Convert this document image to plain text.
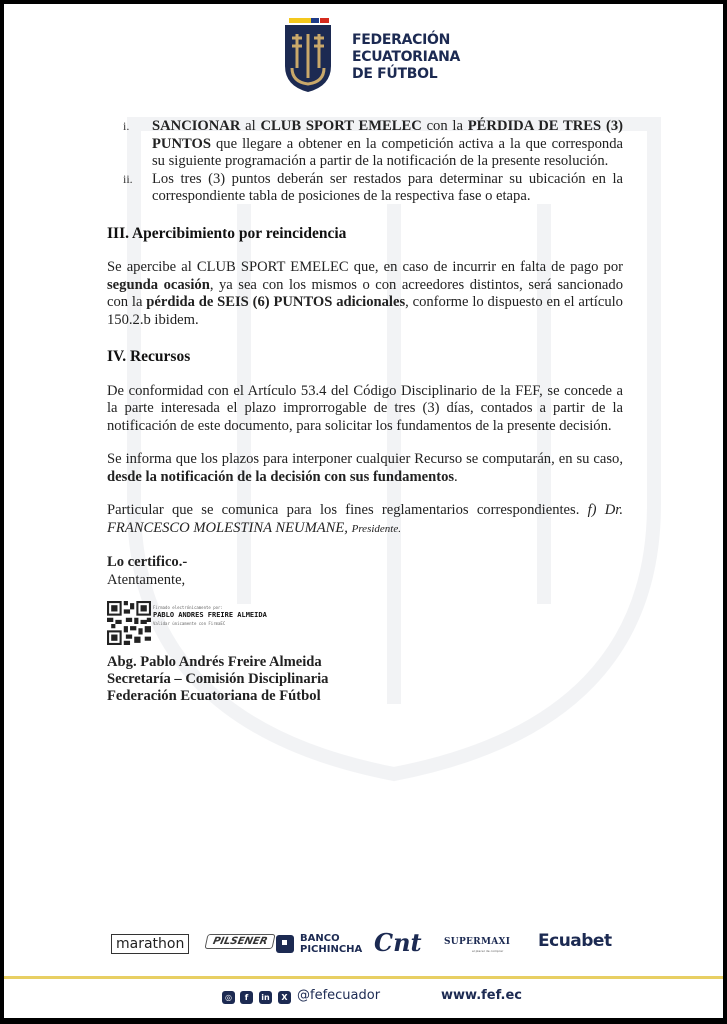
FEDERACIÓN
ECUATORIANA
DE FÚTBOL
i. SANCIONAR al CLUB SPORT EMELEC con la PÉRDIDA DE TRES (3) PUNTOS que llegare a obtener en la competición activa a la que corresponda su siguiente programación a partir de la notificación de la presente resolución.
ii. Los tres (3) puntos deberán ser restados para determinar su ubicación en la correspondiente tabla de posiciones de la respectiva fase o etapa.
III. Apercibimiento por reincidencia

Se apercibe al CLUB SPORT EMELEC que, en caso de incurrir en falta de pago por segunda ocasión, ya sea con los mismos o con acreedores distintos, será sancionado con la pérdida de SEIS (6) PUNTOS adicionales, conforme lo dispuesto en el artículo 150.2.b ibidem.

IV. Recursos

De conformidad con el Artículo 53.4 del Código Disciplinario de la FEF, se concede a la parte interesada el plazo improrrogable de tres (3) días, contados a partir de la notificación de este documento, para solicitar los fundamentos de la presente decisión.

Se informa que los plazos para interponer cualquier Recurso se computarán, en su caso, desde la notificación de la decisión con sus fundamentos.

Particular que se comunica para los fines reglamentarios correspondientes. f) Dr. FRANCESCO MOLESTINA NEUMANE, Presidente.

Lo certifico.-

Atentamente,

Firmado electrónicamente por:
PABLO ANDRES FREIRE ALMEIDA
Validar únicamente con FirmaEC
Abg. Pablo Andrés Freire Almeida
Secretaría – Comisión Disciplinaria
Federación Ecuatoriana de Fútbol
marathon	PILSENER	BANCO
PICHINCHA Cnt SUPERMAXI
el placer de comprar Ecuabet
◎	f	in	X @fefecuador	www.fef.ec
